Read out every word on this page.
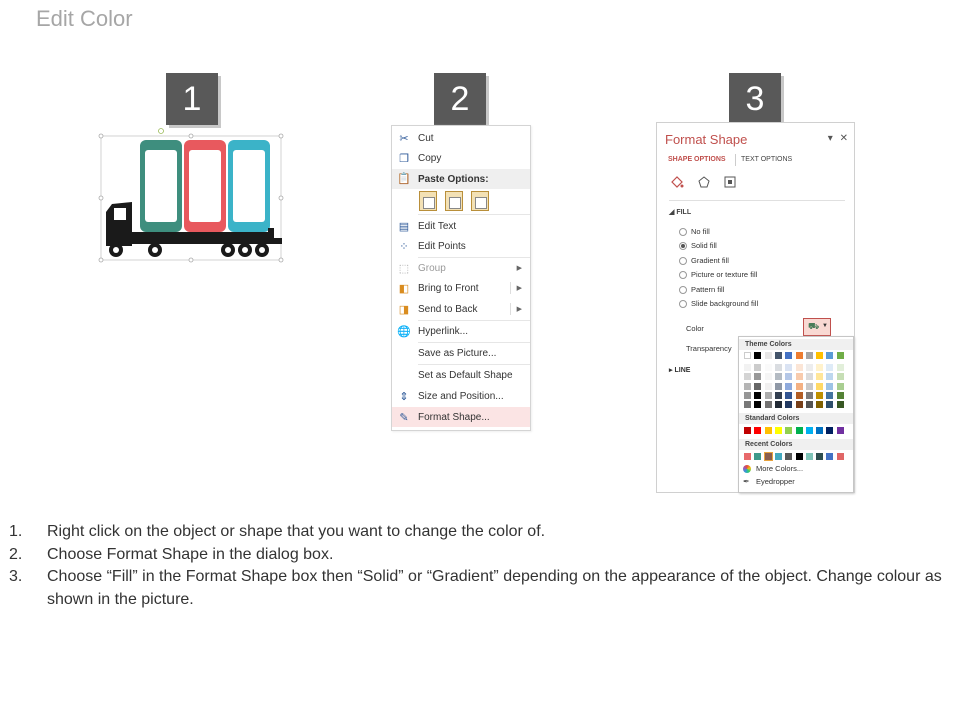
Edit Color
1	2	3
✂ Cut
❐ Copy
📋 Paste Options:
▤ Edit Text
⁘ Edit Points
⬚ Group	▶
◧ Bring to Front	▶
◨ Send to Back	▶
🌐 Hyperlink...
Save as Picture...
Set as Default Shape
⇕ Size and Position...
✎ Format Shape...
Format Shape	▾ ✕
SHAPE OPTIONS TEXT OPTIONS
◢ FILL
No fill
Solid fill
Gradient fill
Picture or texture fill
Pattern fill
Slide background fill
Color	⛟ ▼
Transparency
▸ LINE
Theme Colors
Standard Colors
Recent Colors
More Colors...
✒ Eyedropper
1.	Right click on the object or shape that you want to change the color of.
2.	Choose Format Shape in the dialog box.
3.	Choose “Fill” in the Format Shape box then “Solid” or “Gradient” depending on the appearance of the object. Change colour as shown in the picture.
